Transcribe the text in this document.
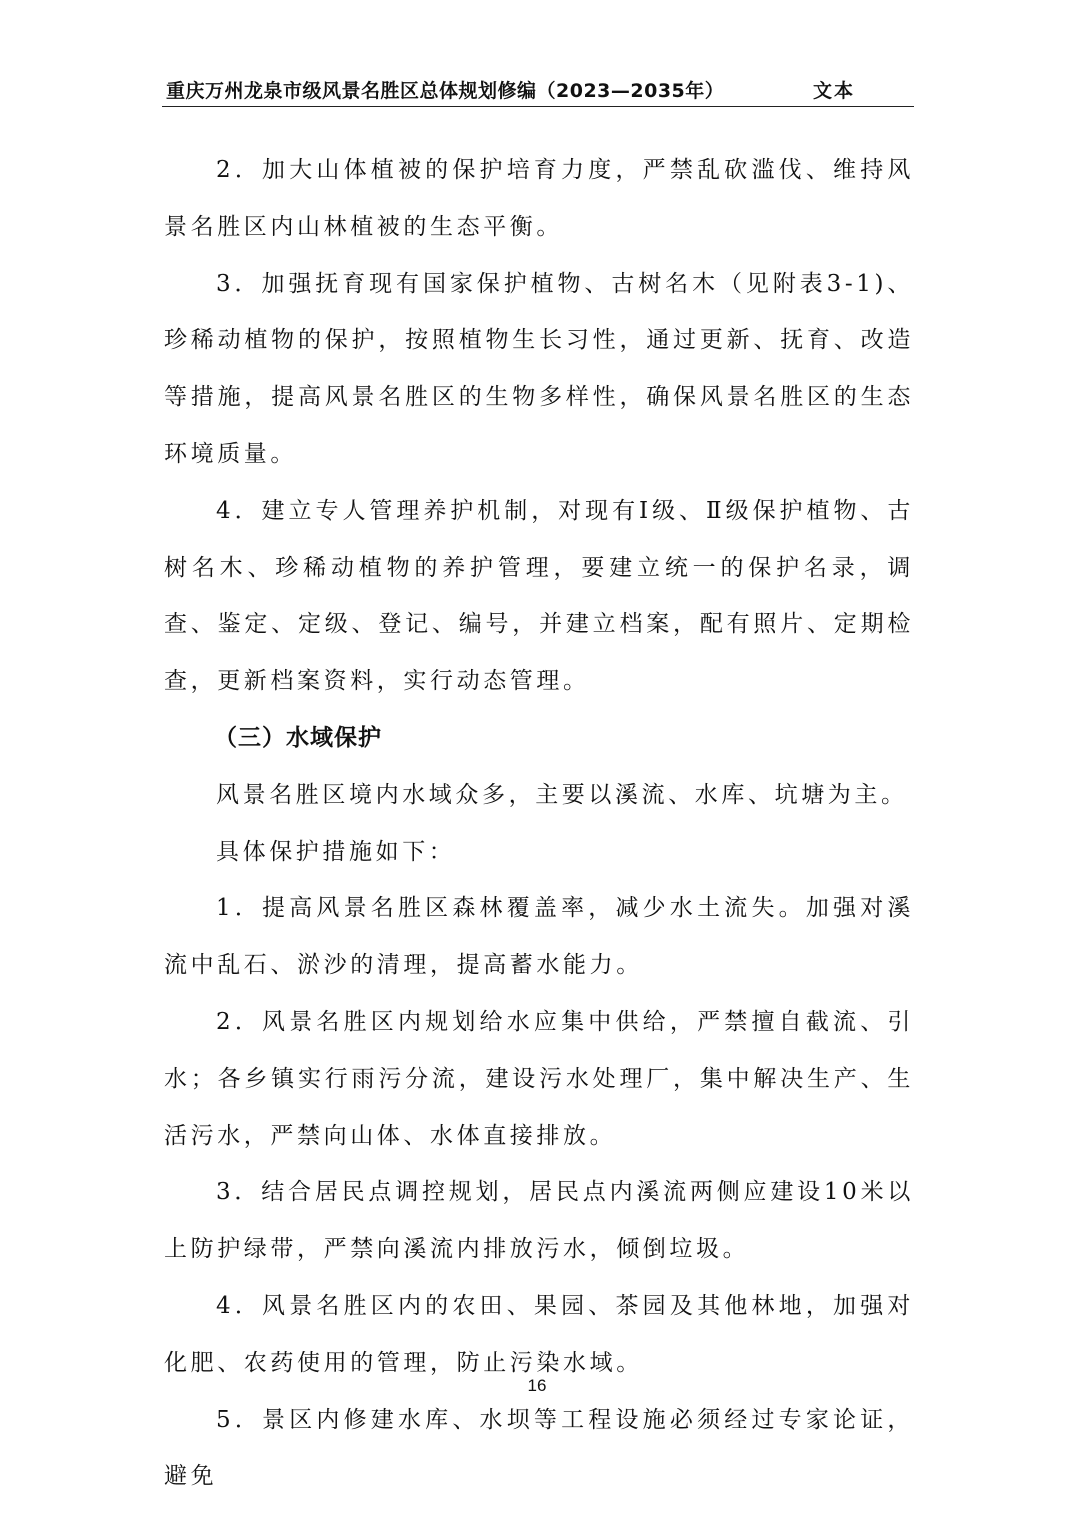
重庆万州龙泉市级风景名胜区总体规划修编（2023—2035年）	文本

2．加大山体植被的保护培育力度，严禁乱砍滥伐、维持风景名胜区内山林植被的生态平衡。

3．加强抚育现有国家保护植物、古树名木（见附表3-1)、珍稀动植物的保护，按照植物生长习性，通过更新、抚育、改造等措施，提高风景名胜区的生物多样性，确保风景名胜区的生态环境质量。

4．建立专人管理养护机制，对现有Ⅰ级、Ⅱ级保护植物、古树名木、珍稀动植物的养护管理，要建立统一的保护名录，调查、鉴定、定级、登记、编号，并建立档案，配有照片、定期检查，更新档案资料，实行动态管理。

（三）水域保护

风景名胜区境内水域众多，主要以溪流、水库、坑塘为主。

具体保护措施如下：

1．提高风景名胜区森林覆盖率，减少水土流失。加强对溪流中乱石、淤沙的清理，提高蓄水能力。

2．风景名胜区内规划给水应集中供给，严禁擅自截流、引水；各乡镇实行雨污分流，建设污水处理厂，集中解决生产、生活污水，严禁向山体、水体直接排放。

3．结合居民点调控规划，居民点内溪流两侧应建设10米以上防护绿带，严禁向溪流内排放污水，倾倒垃圾。

4．风景名胜区内的农田、果园、茶园及其他林地，加强对化肥、农药使用的管理，防止污染水域。

5．景区内修建水库、水坝等工程设施必须经过专家论证，避免

16
